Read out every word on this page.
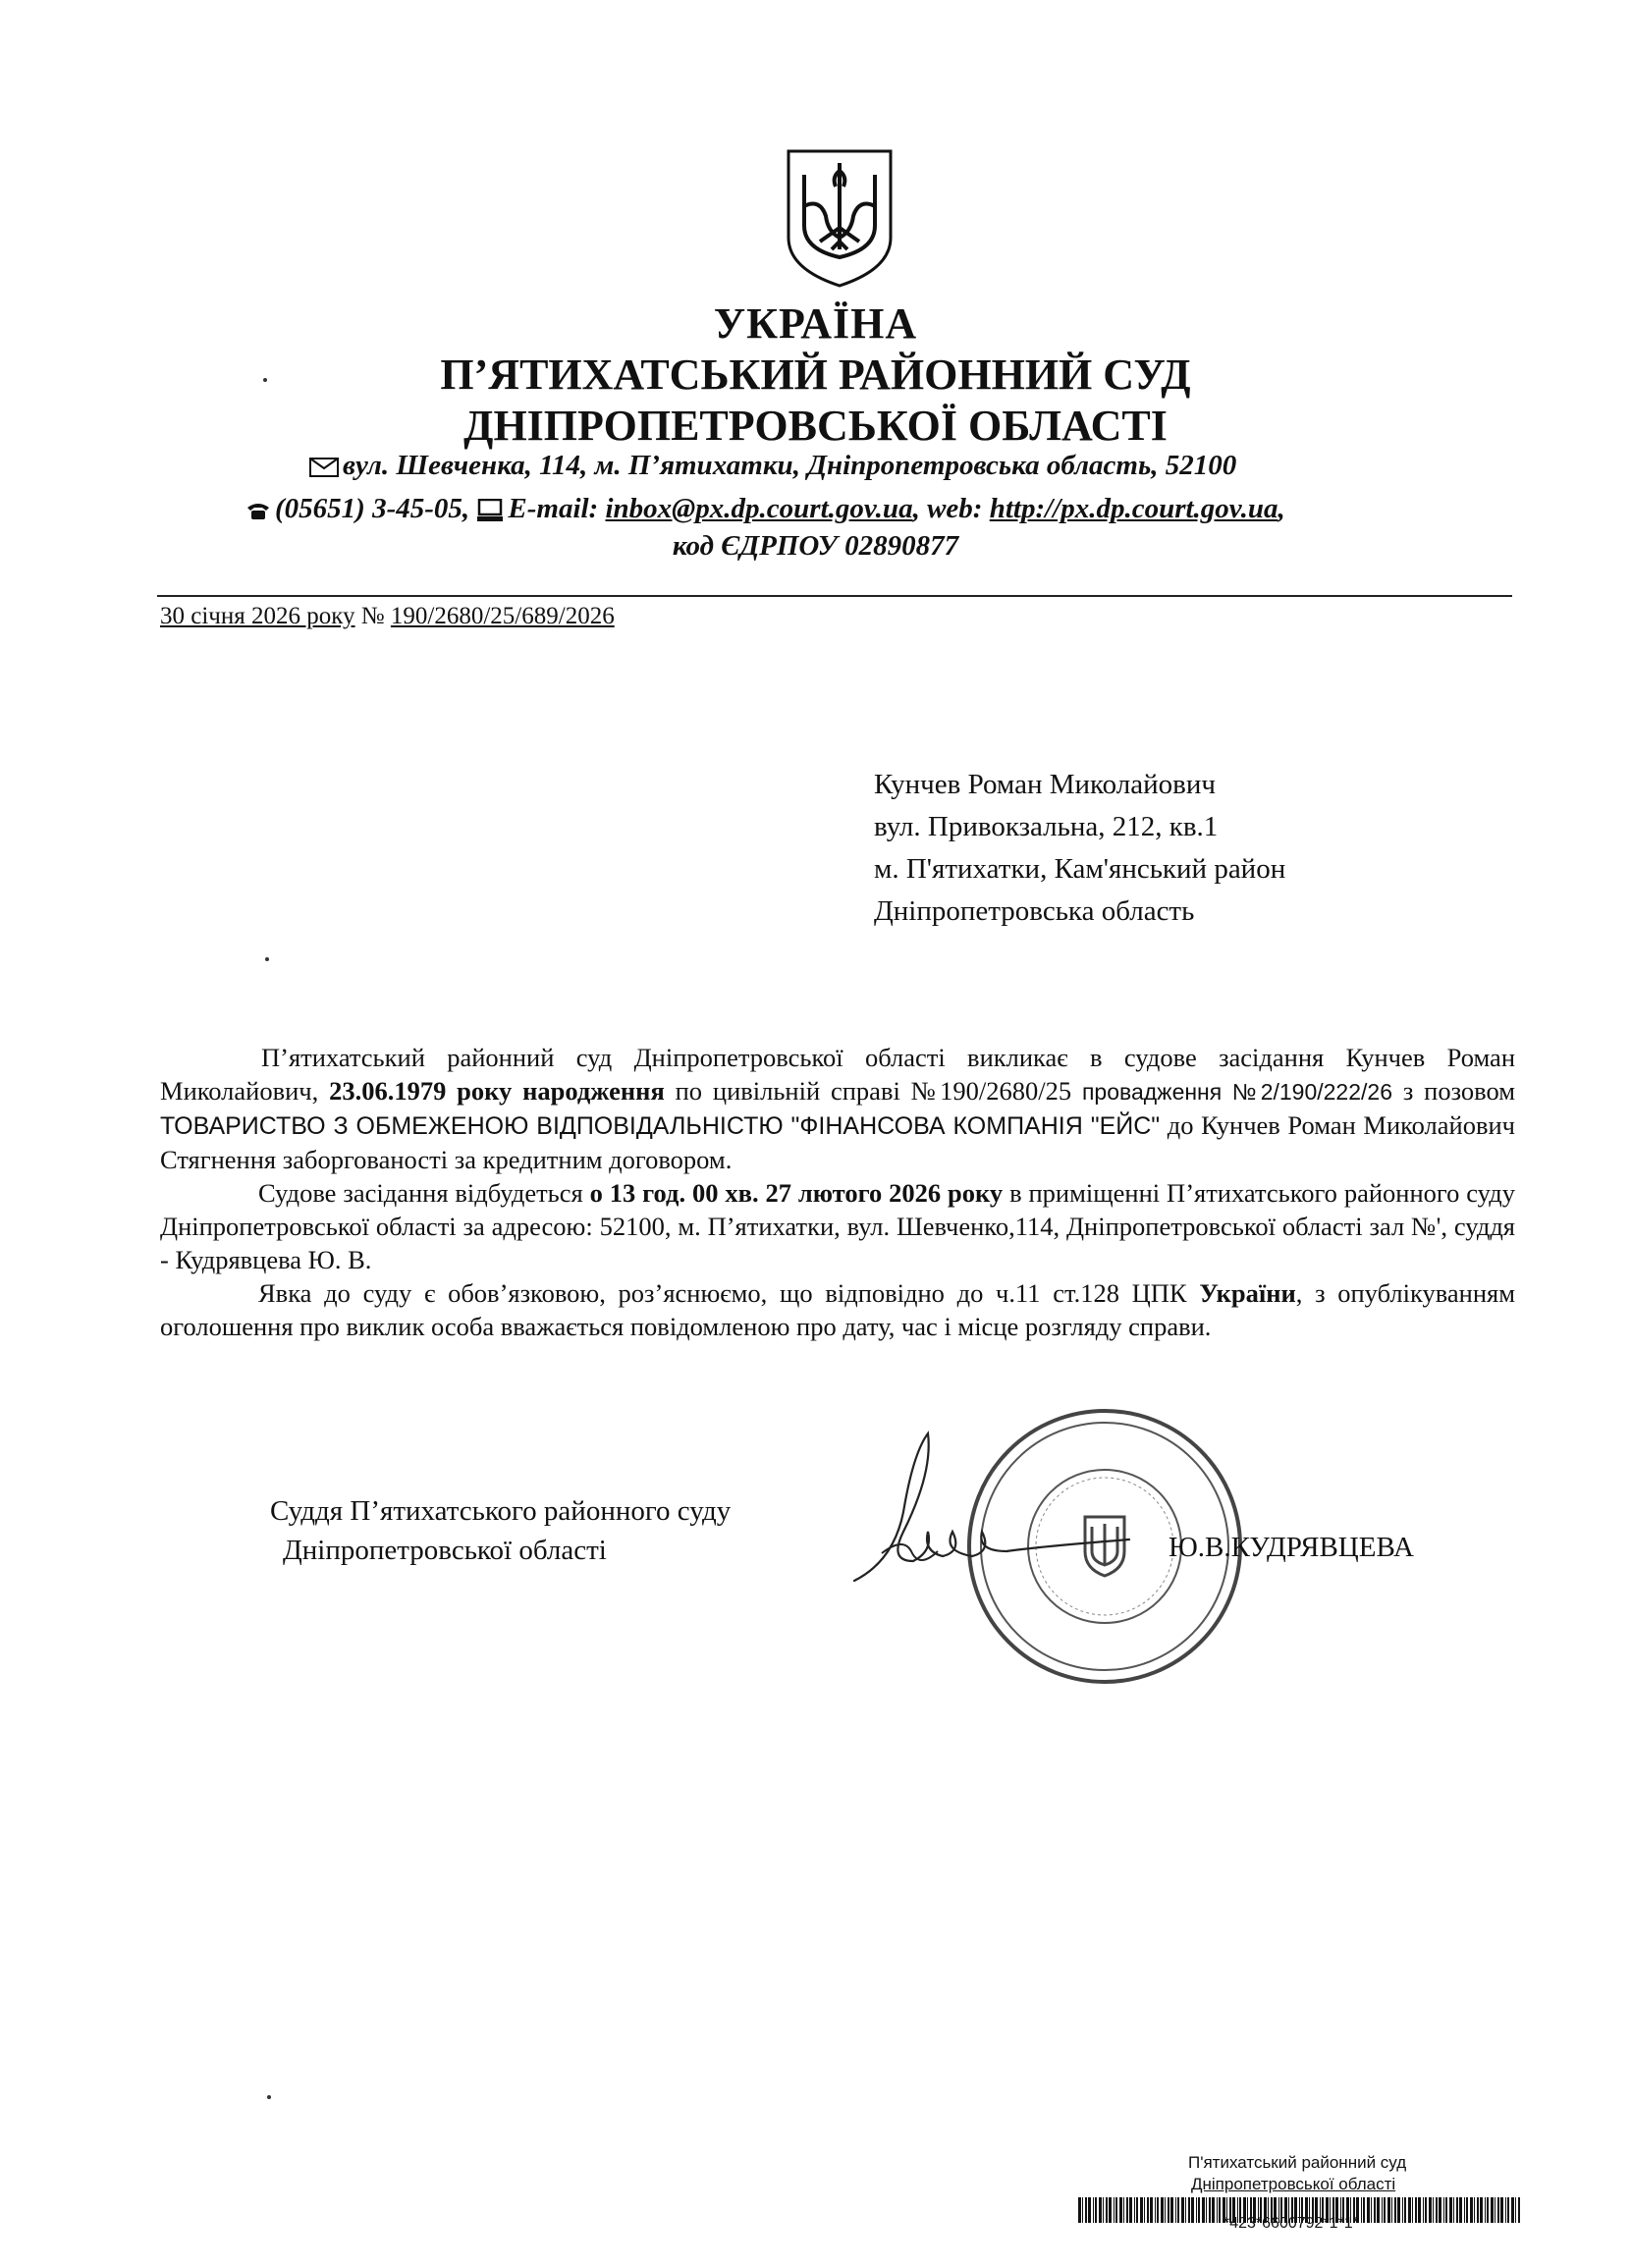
УКРАЇНА
П’ЯТИХАТСЬКИЙ РАЙОННИЙ СУД
ДНІПРОПЕТРОВСЬКОЇ ОБЛАСТІ
вул. Шевченка, 114, м. П’ятихатки, Дніпропетровська область, 52100
(05651) 3-45-05, E-mail: inbox@px.dp.court.gov.ua, web: http://px.dp.court.gov.ua,
код ЄДРПОУ 02890877
30 січня 2026 року № 190/2680/25/689/2026
Кунчев Роман Миколайович
вул. Привокзальна, 212, кв.1
м. П'ятихатки, Кам'янський район
Дніпропетровська область

П’ятихатський районний суд Дніпропетровської області викликає в судове засідання Кунчев Роман Миколайович, 23.06.1979 року народження по цивільній справі №190/2680/25 провадження №2/190/222/26 з позовом ТОВАРИСТВО З ОБМЕЖЕНОЮ ВІДПОВІДАЛЬНІСТЮ "ФІНАНСОВА КОМПАНІЯ "ЕЙС" до Кунчев Роман Миколайович Стягнення заборгованості за кредитним договором.

Судове засідання відбудеться о 13 год. 00 хв. 27 лютого 2026 року в приміщенні П’ятихатського районного суду Дніпропетровської області за адресою: 52100, м. П’ятихатки, вул. Шевченко,114, Дніпропетровської області зал №', суддя - Кудрявцева Ю. В.

Явка до суду є обов’язковою, роз’яснюємо, що відповідно до ч.11 ст.128 ЦПК України, з опублікуванням оголошення про виклик особа вважається повідомленою про дату, час і місце розгляду справи.

Суддя П’ятихатського районного суду
Дніпропетровської області	Ю.В.КУДРЯВЦЕВА
П'ятихатський районний суд
Дніпропетровської області
*423*6600792*1*1*
